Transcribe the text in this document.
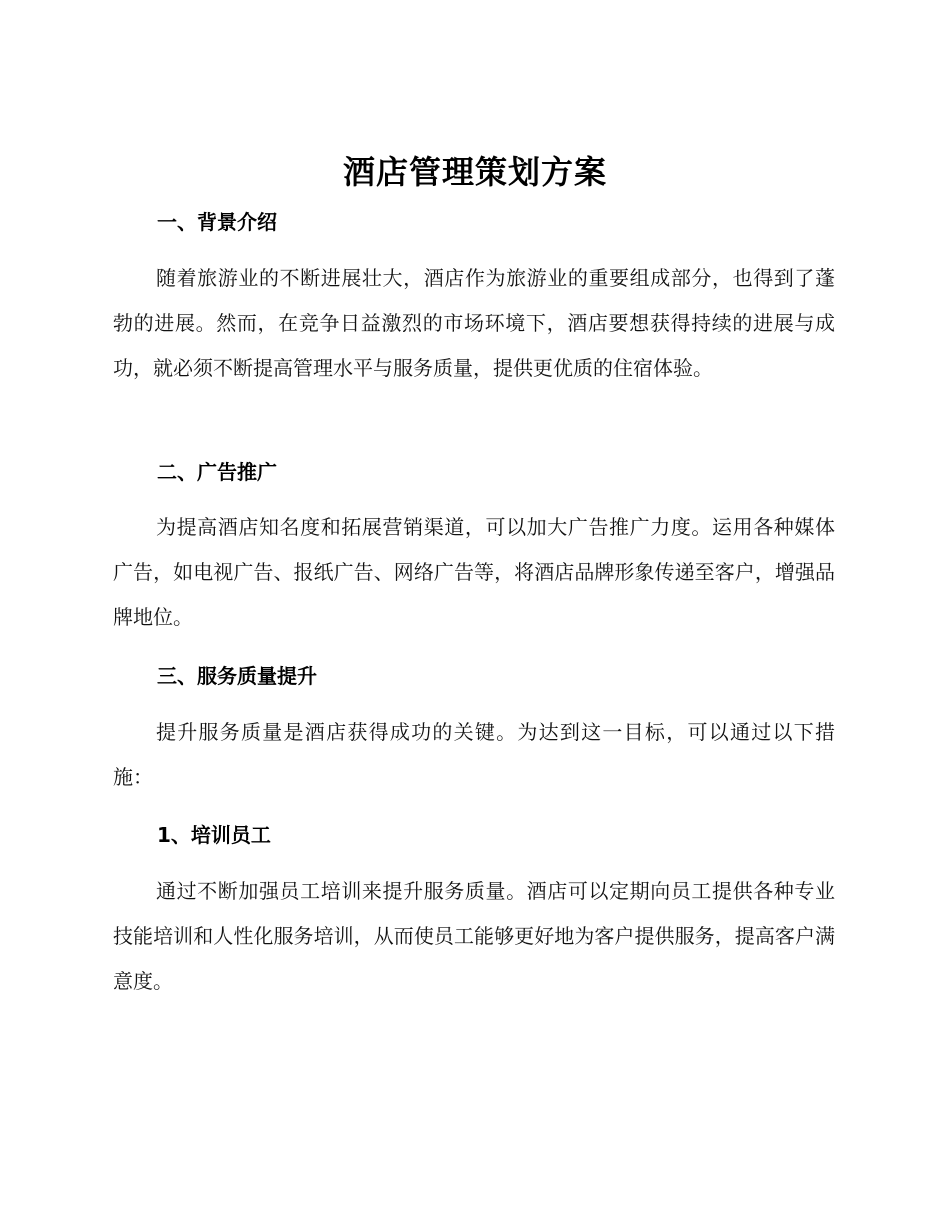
酒店管理策划方案
一、背景介绍
随着旅游业的不断进展壮大，酒店作为旅游业的重要组成部分，也得到了蓬勃的进展。然而，在竞争日益激烈的市场环境下，酒店要想获得持续的进展与成功，就必须不断提高管理水平与服务质量，提供更优质的住宿体验。
二、广告推广
为提高酒店知名度和拓展营销渠道，可以加大广告推广力度。运用各种媒体广告，如电视广告、报纸广告、网络广告等，将酒店品牌形象传递至客户，增强品牌地位。
三、服务质量提升
提升服务质量是酒店获得成功的关键。为达到这一目标，可以通过以下措施：
1、培训员工
通过不断加强员工培训来提升服务质量。酒店可以定期向员工提供各种专业技能培训和人性化服务培训，从而使员工能够更好地为客户提供服务，提高客户满意度。
